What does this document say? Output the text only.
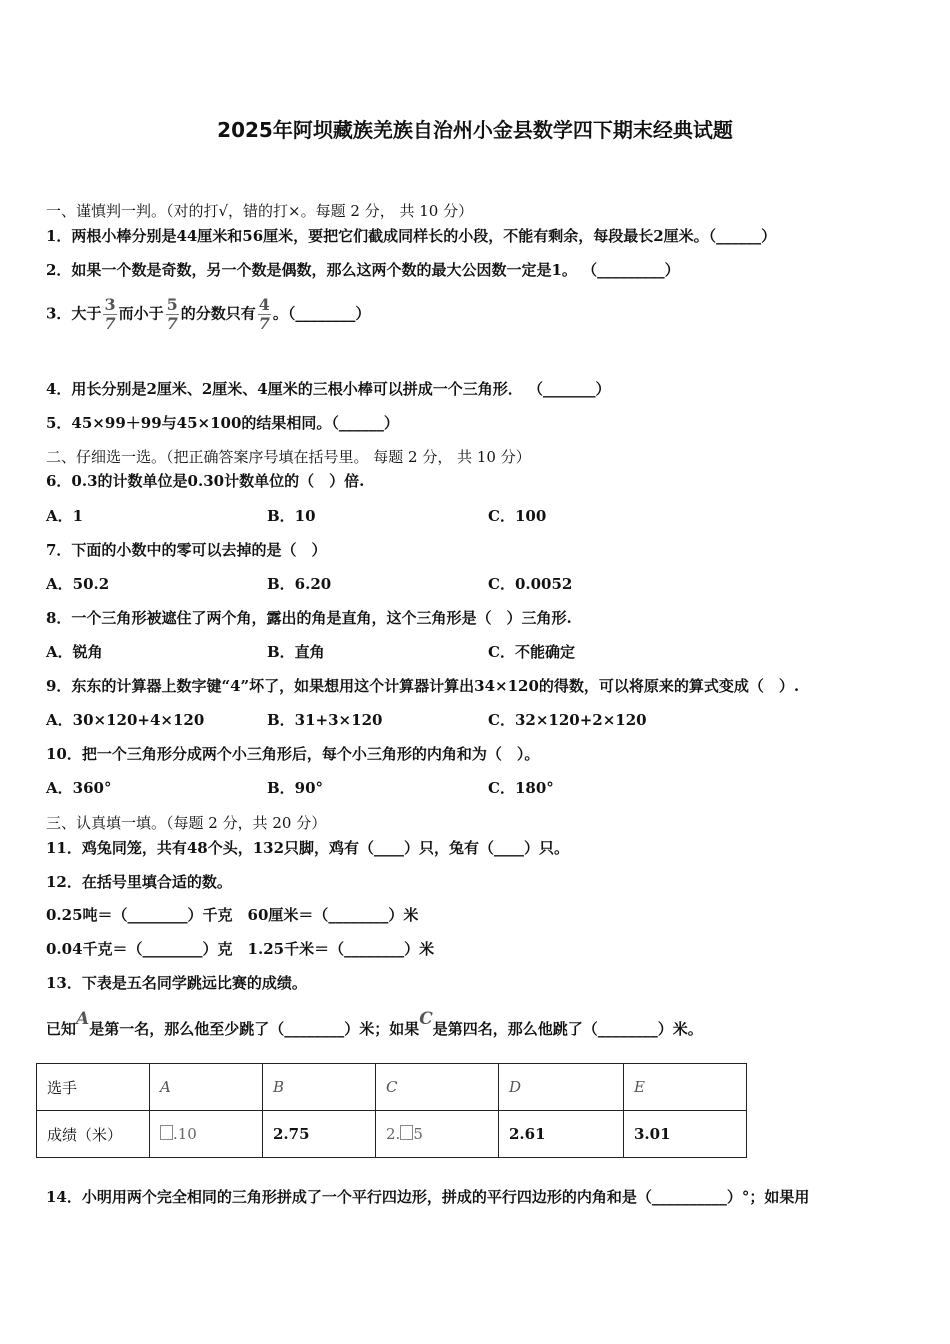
2025年阿坝藏族羌族自治州小金县数学四下期末经典试题
一、谨慎判一判。（对的打√，错的打×。每题 2 分， 共 10 分）
1．两根小棒分别是44厘米和56厘米，要把它们截成同样长的小段，不能有剩余，每段最长2厘米。（______）
2．如果一个数是奇数，另一个数是偶数，那么这两个数的最大公因数一定是1。 （_________）
3．大于 $\frac{3}{7}$ 而小于 $\frac{5}{7}$ 的分数只有 $\frac{4}{7}$ 。（________）
4．用长分别是2厘米、2厘米、4厘米的三根小棒可以拼成一个三角形． （_______）
5．45×99＋99与45×100的结果相同。（______）
二、仔细选一选。（把正确答案序号填在括号里。 每题 2 分， 共 10 分）
6．0.3的计数单位是0.30计数单位的（　）倍.
A．1	B．10	C．100
7．下面的小数中的零可以去掉的是（　）
A．50.2	B．6.20	C．0.0052
8．一个三角形被遮住了两个角，露出的角是直角，这个三角形是（　）三角形.
A．锐角	B．直角	C．不能确定
9．东东的计算器上数字键“4”坏了，如果想用这个计算器计算出34×120的得数，可以将原来的算式变成（　）.
A．30×120+4×120	B．31+3×120	C．32×120+2×120
10．把一个三角形分成两个小三角形后，每个小三角形的内角和为（　）。
A．360°	B．90°	C．180°
三、认真填一填。（每题 2 分，共 20 分）
11．鸡兔同笼，共有48个头，132只脚，鸡有（____）只，兔有（____）只。
12．在括号里填合适的数。
0.25吨＝（________）千克　60厘米＝（________）米
0.04千克＝（________）克　1.25千米＝（________）米
13．下表是五名同学跳远比赛的成绩。
已知A是第一名，那么他至少跳了（________）米；如果C是第四名，那么他跳了（________）米。
选手	A	B	C	D	E
成绩（米）	.10	2.75	2. 5	2.61	3.01
14．小明用两个完全相同的三角形拼成了一个平行四边形，拼成的平行四边形的内角和是（__________）°；如果用
